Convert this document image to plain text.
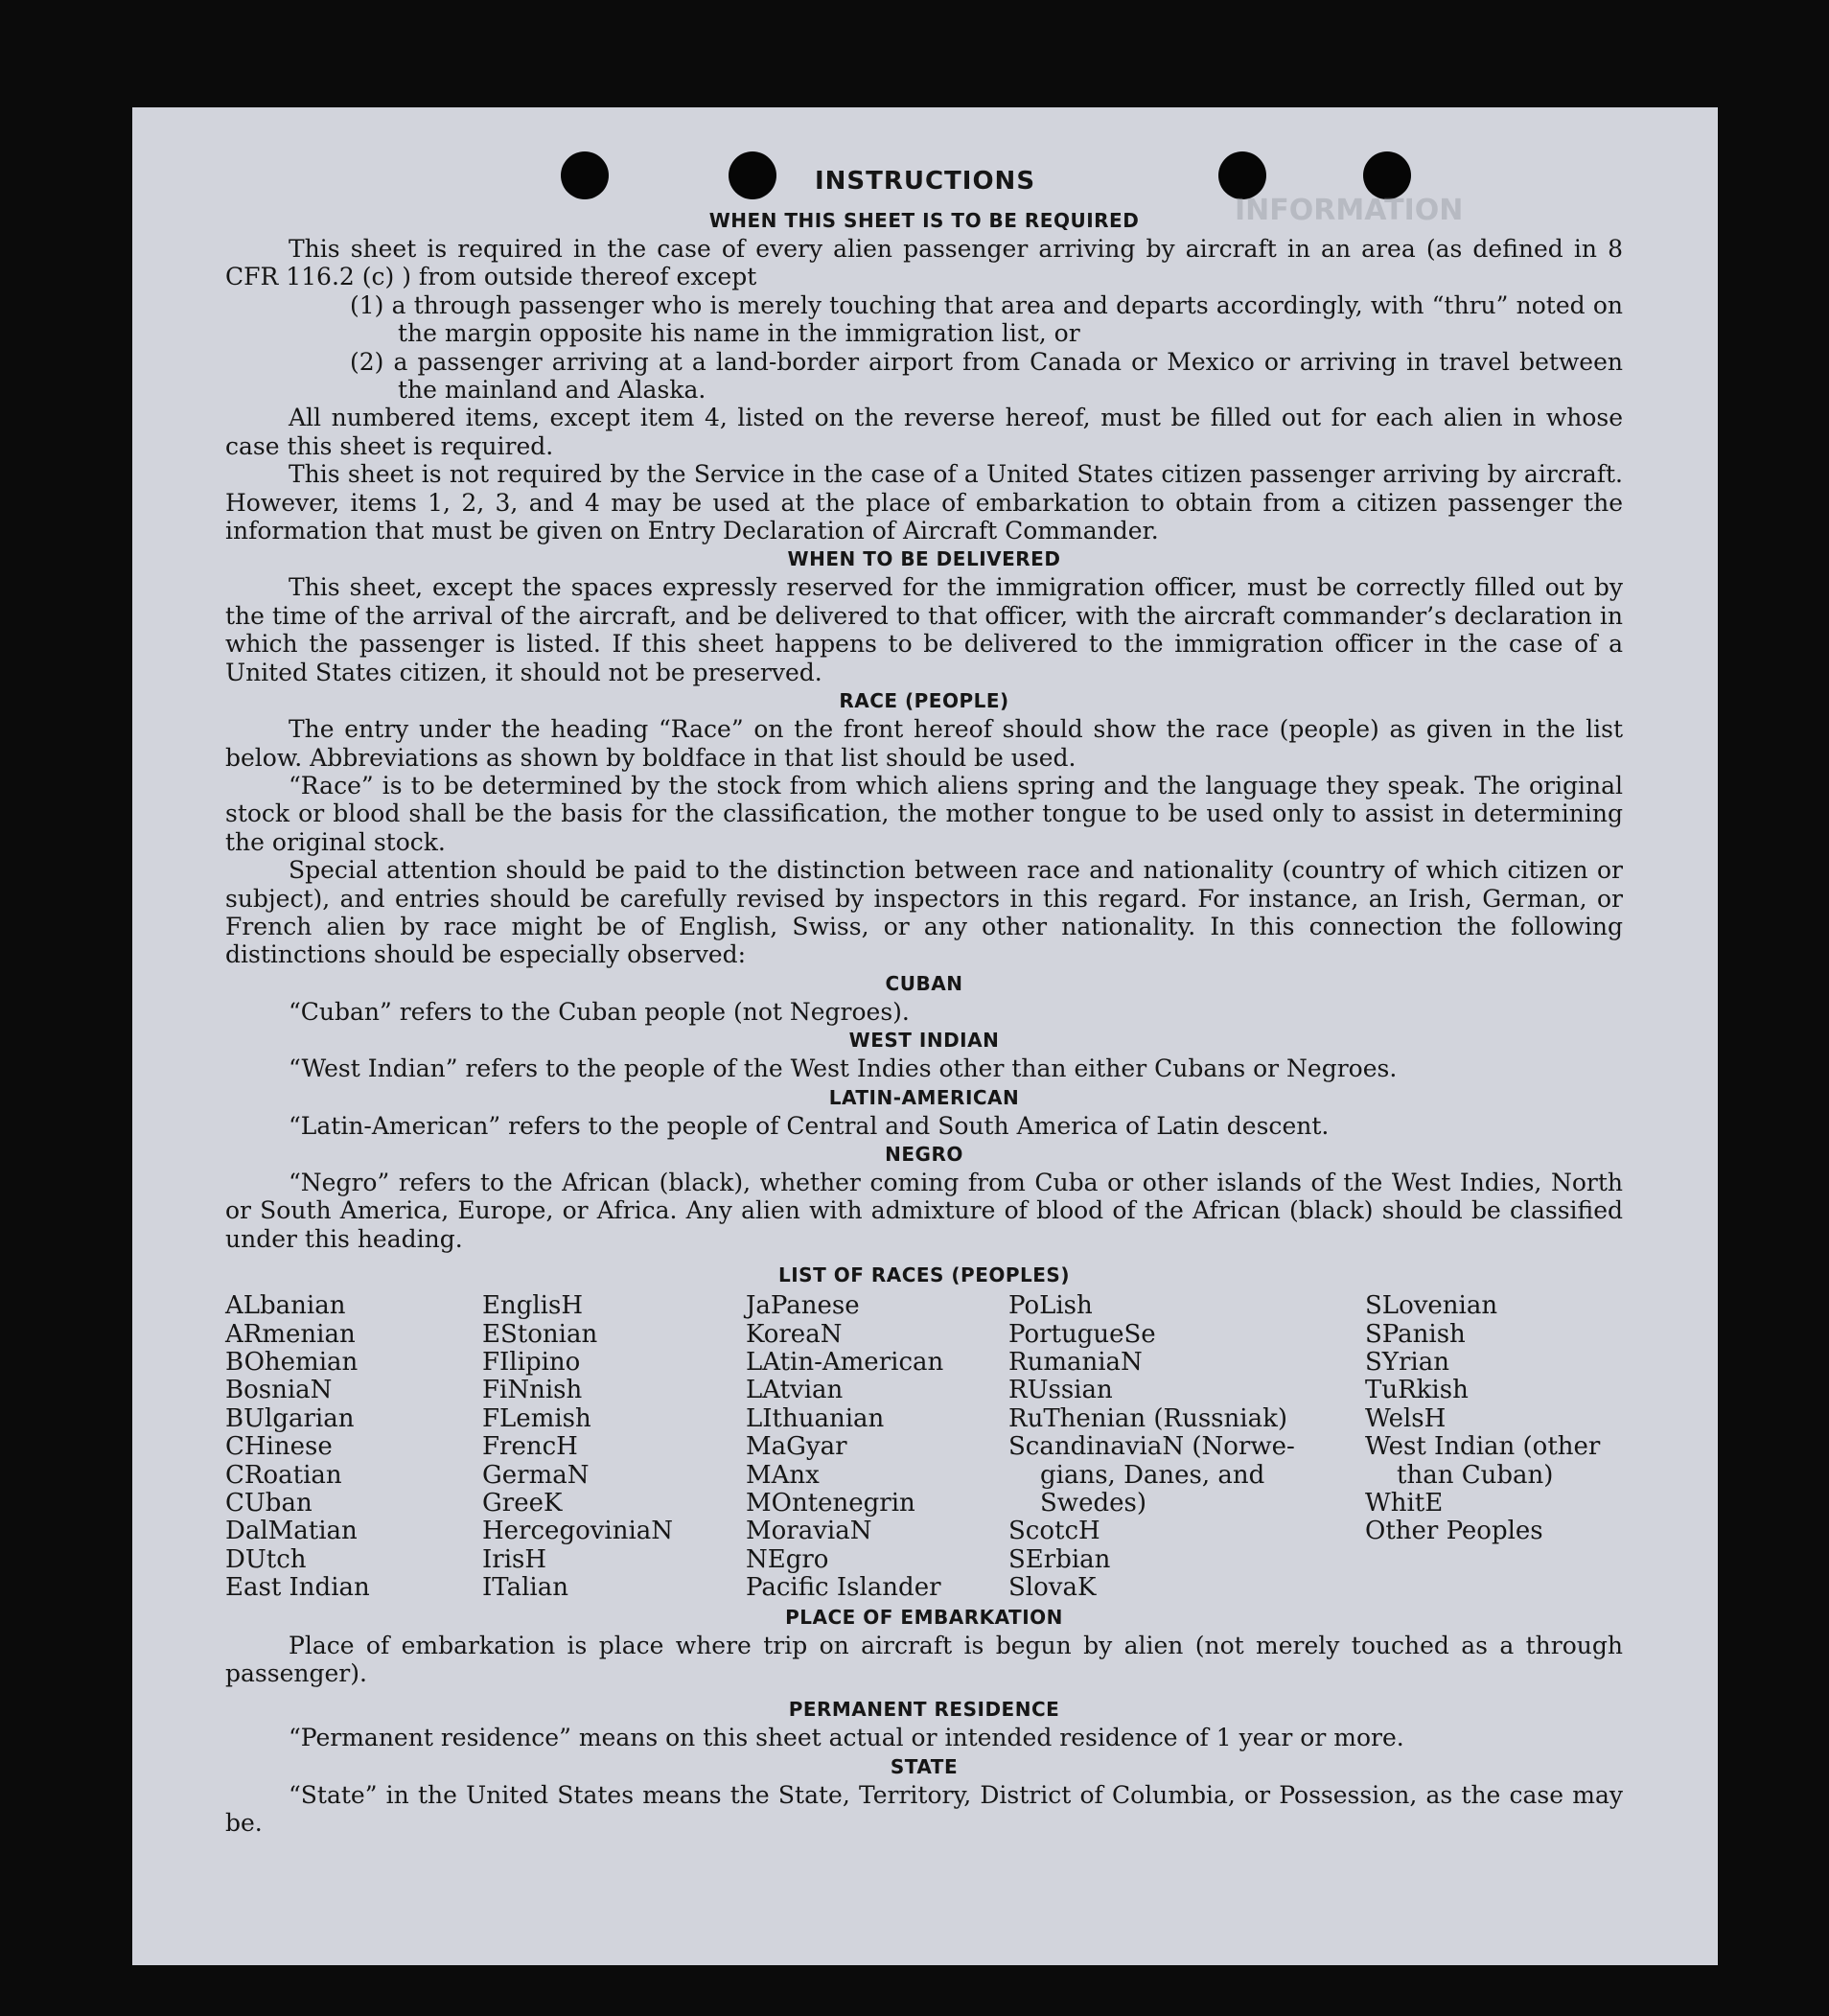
INFORMATION
INSTRUCTIONS
WHEN THIS SHEET IS TO BE REQUIRED

This sheet is required in the case of every alien passenger arriving by aircraft in an area (as defined in 8 CFR 116.2 (c) ) from outside thereof except

(1) a through passenger who is merely touching that area and departs accordingly, with “thru” noted on the margin opposite his name in the immigration list, or
(2) a passenger arriving at a land-border airport from Canada or Mexico or arriving in travel between the mainland and Alaska.

All numbered items, except item 4, listed on the reverse hereof, must be filled out for each alien in whose case this sheet is required.

This sheet is not required by the Service in the case of a United States citizen passenger arriving by aircraft. However, items 1, 2, 3, and 4 may be used at the place of embarkation to obtain from a citizen passenger the information that must be given on Entry Declaration of Aircraft Commander.

WHEN TO BE DELIVERED

This sheet, except the spaces expressly reserved for the immigration officer, must be correctly filled out by the time of the arrival of the aircraft, and be delivered to that officer, with the aircraft commander’s declaration in which the passenger is listed. If this sheet happens to be delivered to the immigration officer in the case of a United States citizen, it should not be preserved.

RACE (PEOPLE)

The entry under the heading “Race” on the front hereof should show the race (people) as given in the list below. Abbreviations as shown by boldface in that list should be used.

“Race” is to be determined by the stock from which aliens spring and the language they speak. The original stock or blood shall be the basis for the classification, the mother tongue to be used only to assist in determining the original stock.

Special attention should be paid to the distinction between race and nationality (country of which citizen or subject), and entries should be carefully revised by inspectors in this regard. For instance, an Irish, German, or French alien by race might be of English, Swiss, or any other nationality. In this connection the following distinctions should be especially observed:

CUBAN

“Cuban” refers to the Cuban people (not Negroes).

WEST INDIAN

“West Indian” refers to the people of the West Indies other than either Cubans or Negroes.

LATIN-AMERICAN

“Latin-American” refers to the people of Central and South America of Latin descent.

NEGRO

“Negro” refers to the African (black), whether coming from Cuba or other islands of the West Indies, North or South America, Europe, or Africa. Any alien with admixture of blood of the African (black) should be classified under this heading.

LIST OF RACES (PEOPLES)
ALbanian
ARmenian
BOhemian
BosniaN
BUlgarian
CHinese
CRoatian
CUban
DalMatian
DUtch
East Indian
EnglisH
EStonian
FIlipino
FiNnish
FLemish
FrencH
GermaN
GreeK
HercegoviniaN
IrisH
ITalian
JaPanese
KoreaN
LAtin-American
LAtvian
LIthuanian
MaGyar
MAnx
MOntenegrin
MoraviaN
NEgro
Pacific Islander
PoLish
PortugueSe
RumaniaN
RUssian
RuThenian (Russniak)
ScandinaviaN (Norwe-
gians, Danes, and
Swedes)
ScotcH
SErbian
SlovaK
SLovenian
SPanish
SYrian
TuRkish
WelsH
West Indian (other
than Cuban)
WhitE
Other Peoples
PLACE OF EMBARKATION

Place of embarkation is place where trip on aircraft is begun by alien (not merely touched as a through passenger).

PERMANENT RESIDENCE

“Permanent residence” means on this sheet actual or intended residence of 1 year or more.

STATE

“State” in the United States means the State, Territory, District of Columbia, or Possession, as the case may be.
